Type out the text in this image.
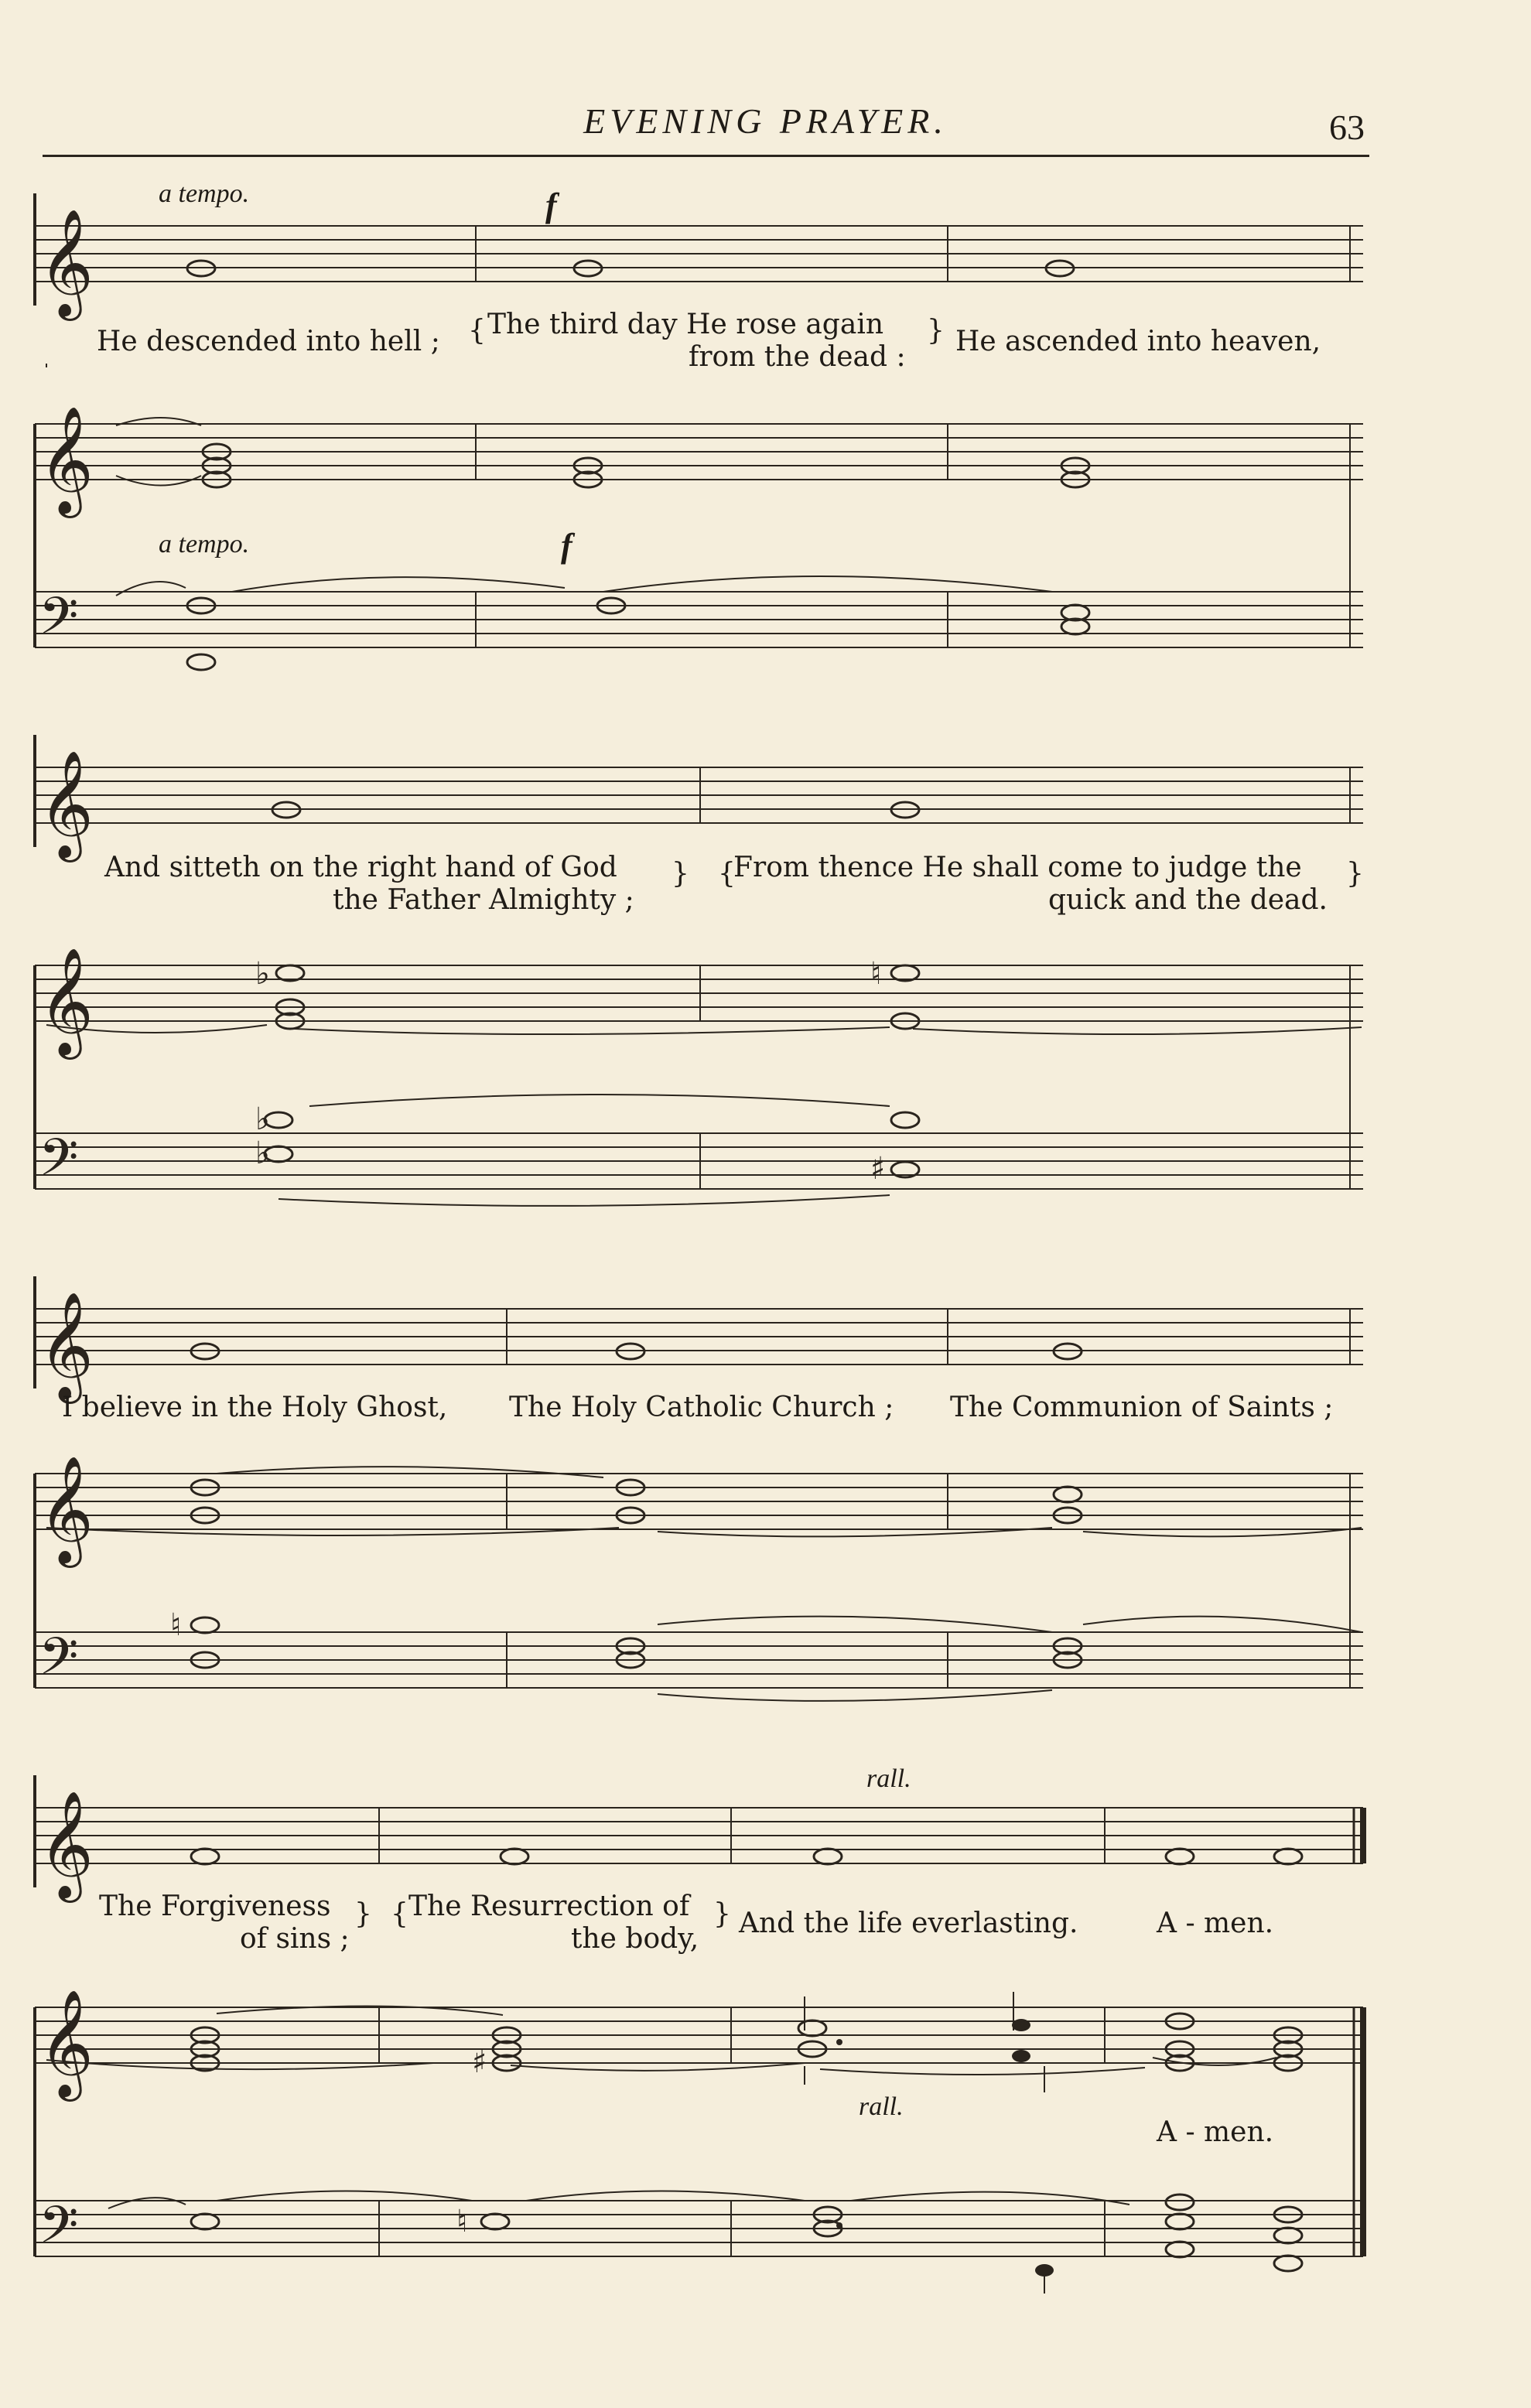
EVENING PRAYER.	63
𝄞
𝄞
𝄢
a tempo.	f
He descended into hell ; { The third day He rose again
from the dead :
} He ascended into heaven,
a tempo.	f
𝄞
𝄞
𝄢
♭	♮
♭
♭	♯
And sitteth on the right hand of God
the Father Almighty ;
} {
From thence He shall come to judge the
quick and the dead.
}
𝄞
𝄞
𝄢
♮
I believe in the Holy Ghost, The Holy Catholic Church ; The Communion of Saints ;
𝄞
𝄞
𝄢
♯
♮
rall.
The Forgiveness
of sins ;
} { The Resurrection of
the body,
} And the life everlasting.	A - men.
rall.
A - men.
